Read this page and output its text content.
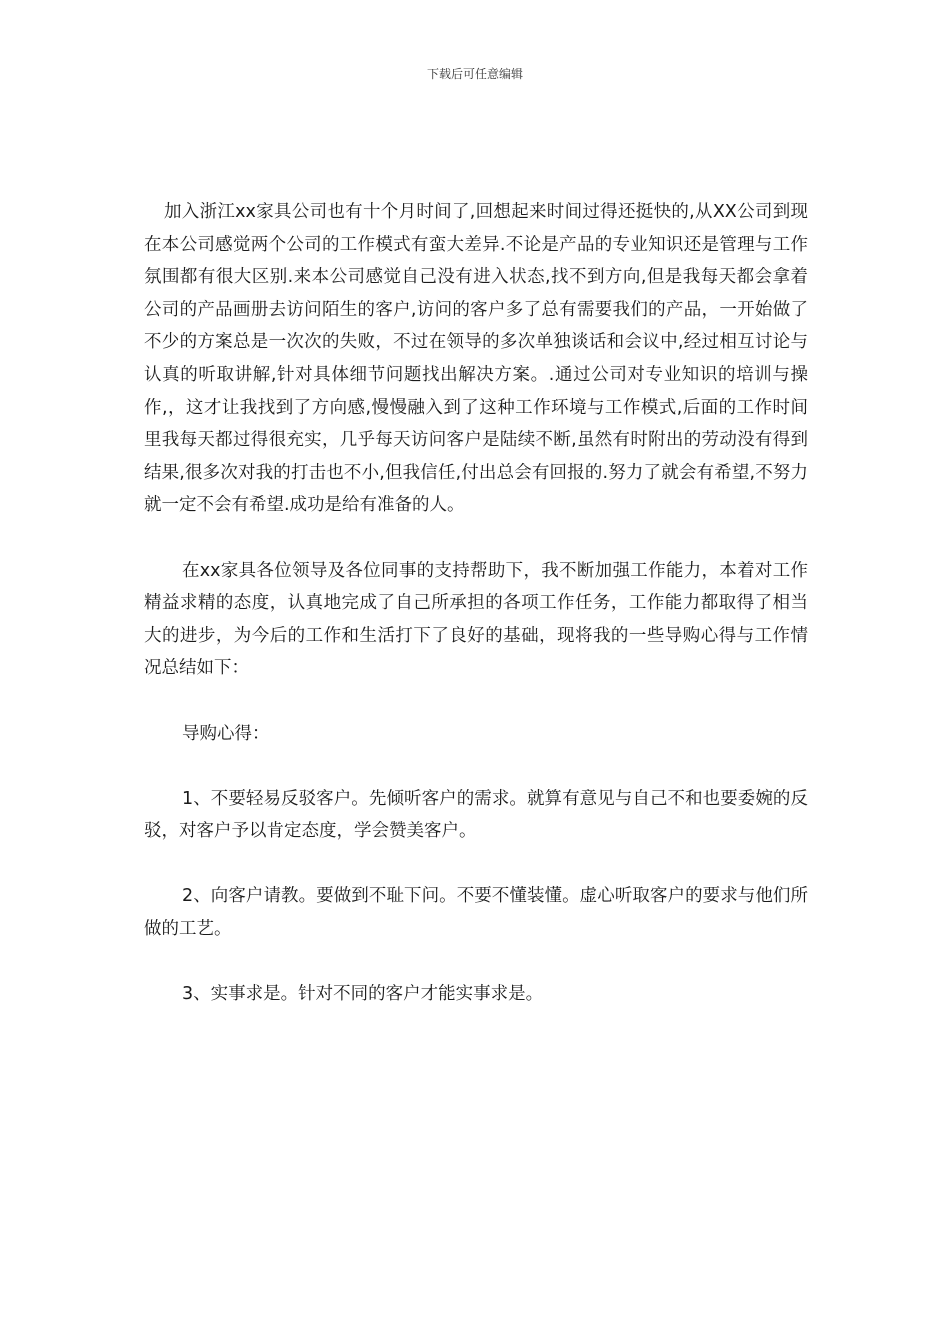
下载后可任意编辑

加入浙江xx家具公司也有十个月时间了,回想起来时间过得还挺快的,从XX公司到现在本公司感觉两个公司的工作模式有蛮大差异.不论是产品的专业知识还是管理与工作氛围都有很大区别.来本公司感觉自己没有进入状态,找不到方向,但是我每天都会拿着公司的产品画册去访问陌生的客户,访问的客户多了总有需要我们的产品，一开始做了不少的方案总是一次次的失败，不过在领导的多次单独谈话和会议中,经过相互讨论与认真的听取讲解,针对具体细节问题找出解决方案。.通过公司对专业知识的培训与操作,，这才让我找到了方向感,慢慢融入到了这种工作环境与工作模式,后面的工作时间里我每天都过得很充实，几乎每天访问客户是陆续不断,虽然有时附出的劳动没有得到结果,很多次对我的打击也不小,但我信任,付出总会有回报的.努力了就会有希望,不努力就一定不会有希望.成功是给有准备的人。

在xx家具各位领导及各位同事的支持帮助下，我不断加强工作能力，本着对工作精益求精的态度，认真地完成了自己所承担的各项工作任务，工作能力都取得了相当大的进步，为今后的工作和生活打下了良好的基础，现将我的一些导购心得与工作情况总结如下：

导购心得：

1、不要轻易反驳客户。先倾听客户的需求。就算有意见与自己不和也要委婉的反驳，对客户予以肯定态度，学会赞美客户。

2、向客户请教。要做到不耻下问。不要不懂装懂。虚心听取客户的要求与他们所做的工艺。

3、实事求是。针对不同的客户才能实事求是。
